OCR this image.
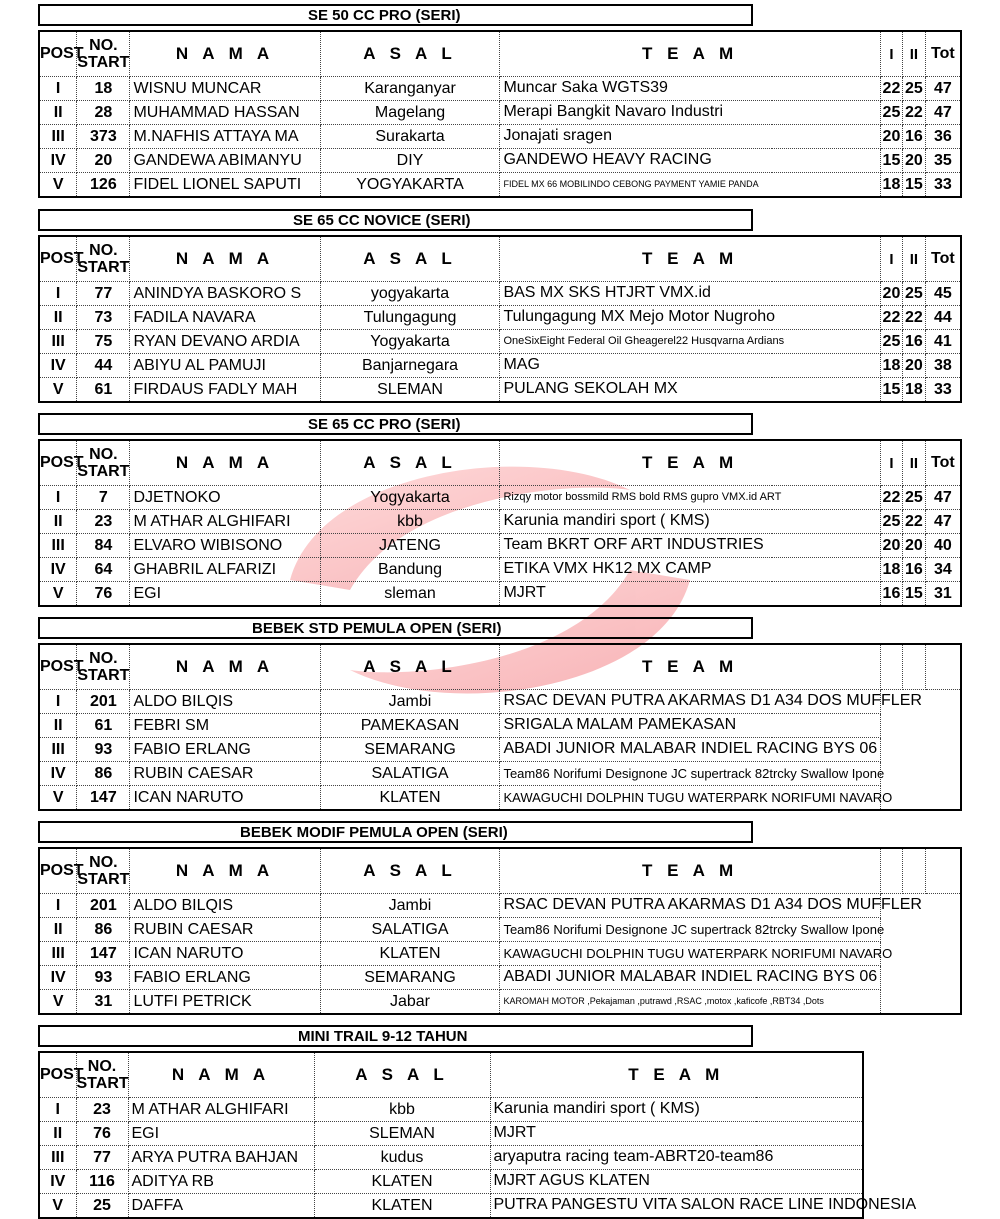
SE 50 CC PRO (SERI)
POST	NO. START	N A M A	A S A L	T E A M	I	II	Tot
I	18	WISNU MUNCAR	Karanganyar	Muncar Saka WGTS39	22	25	47
II	28	MUHAMMAD HASSAN	Magelang	Merapi Bangkit Navaro Industri	25	22	47
III	373	M.NAFHIS ATTAYA MA	Surakarta	Jonajati sragen	20	16	36
IV	20	GANDEWA ABIMANYU	DIY	GANDEWO HEAVY RACING	15	20	35
V	126	FIDEL LIONEL SAPUTI	YOGYAKARTA	FIDEL MX 66 MOBILINDO CEBONG PAYMENT YAMIE PANDA	18	15	33
SE 65 CC NOVICE (SERI)
POST	NO. START	N A M A	A S A L	T E A M	I	II	Tot
I	77	ANINDYA BASKORO S	yogyakarta	BAS MX SKS HTJRT VMX.id	20	25	45
II	73	FADILA NAVARA	Tulungagung	Tulungagung MX Mejo Motor Nugroho	22	22	44
III	75	RYAN DEVANO ARDIA	Yogyakarta	OneSixEight Federal Oil Gheagerel22 Husqvarna Ardians	25	16	41
IV	44	ABIYU AL PAMUJI	Banjarnegara	MAG	18	20	38
V	61	FIRDAUS FADLY MAH	SLEMAN	PULANG SEKOLAH MX	15	18	33
SE 65 CC PRO (SERI)
POST	NO. START	N A M A	A S A L	T E A M	I	II	Tot
I	7	DJETNOKO	Yogyakarta	Rizqy motor bossmild RMS bold RMS gupro VMX.id ART	22	25	47
II	23	M ATHAR ALGHIFARI	kbb	Karunia mandiri sport ( KMS)	25	22	47
III	84	ELVARO WIBISONO	JATENG	Team BKRT ORF ART INDUSTRIES	20	20	40
IV	64	GHABRIL ALFARIZI	Bandung	ETIKA VMX HK12 MX CAMP	18	16	34
V	76	EGI	sleman	MJRT	16	15	31
BEBEK STD PEMULA OPEN (SERI)
POST	NO. START	N A M A	A S A L	T E A M			
I	201	ALDO BILQIS	Jambi	RSAC DEVAN PUTRA AKARMAS D1 A34 DOS MUFFLER			

II	61	FEBRI SM	PAMEKASAN	SRIGALA MALAM PAMEKASAN			

III	93	FABIO ERLANG	SEMARANG	ABADI JUNIOR MALABAR INDIEL RACING BYS 06			

IV	86	RUBIN CAESAR	SALATIGA	Team86 Norifumi Designone JC supertrack 82trcky Swallow Ipone			

V	147	ICAN NARUTO	KLATEN	KAWAGUCHI DOLPHIN TUGU WATERPARK NORIFUMI NAVARO			

BEBEK MODIF PEMULA OPEN (SERI)
POST	NO. START	N A M A	A S A L	T E A M			
I	201	ALDO BILQIS	Jambi	RSAC DEVAN PUTRA AKARMAS D1 A34 DOS MUFFLER			

II	86	RUBIN CAESAR	SALATIGA	Team86 Norifumi Designone JC supertrack 82trcky Swallow Ipone			

III	147	ICAN NARUTO	KLATEN	KAWAGUCHI DOLPHIN TUGU WATERPARK NORIFUMI NAVARO			

IV	93	FABIO ERLANG	SEMARANG	ABADI JUNIOR MALABAR INDIEL RACING BYS 06			

V	31	LUTFI PETRICK	Jabar	KAROMAH MOTOR ,Pekajaman ,putrawd ,RSAC ,motox ,kaficofe ,RBT34 ,Dots			

MINI TRAIL 9-12 TAHUN
POST	NO. START	N A M A	A S A L	T E A M
I	23	M ATHAR ALGHIFARI	kbb	Karunia mandiri sport ( KMS)

II	76	EGI	SLEMAN	MJRT

III	77	ARYA PUTRA BAHJAN	kudus	aryaputra racing team-ABRT20-team86

IV	116	ADITYA RB	KLATEN	MJRT AGUS KLATEN

V	25	DAFFA	KLATEN	PUTRA PANGESTU VITA SALON RACE LINE INDONESIA
